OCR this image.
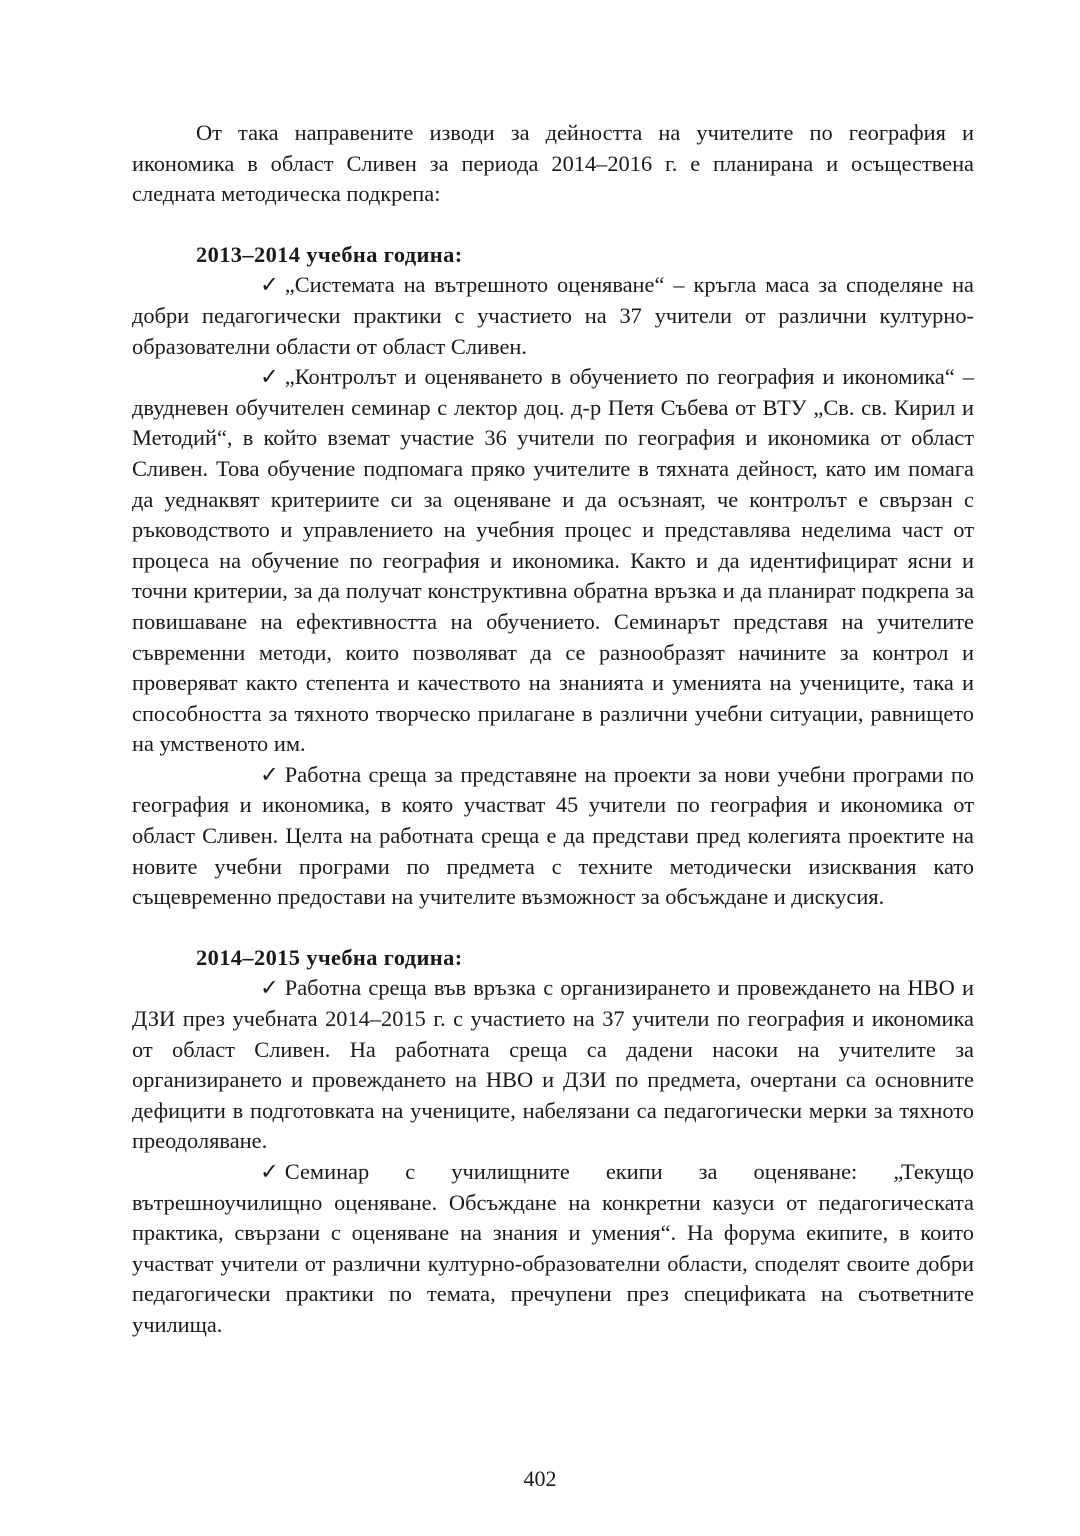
От така направените изводи за дейността на учителите по география и икономика в област Сливен за периода 2014–2016 г. е планирана и осъществена следната методическа подкрепа:

2013–2014 учебна година:

✓ „Системата на вътрешното оценяване“ – кръгла маса за споделяне на добри педагогически практики с участието на 37 учители от различни културно-образователни области от област Сливен.

✓ „Контролът и оценяването в обучението по география и икономика“ – двудневен обучителен семинар с лектор доц. д-р Петя Събева от ВТУ „Св. св. Кирил и Методий“, в който вземат участие 36 учители по география и икономика от област Сливен. Това обучение подпомага пряко учителите в тяхната дейност, като им помага да уеднаквят критериите си за оценяване и да осъзнаят, че контролът е свързан с ръководството и управлението на учебния процес и представлява неделима част от процеса на обучение по география и икономика. Както и да идентифицират ясни и точни критерии, за да получат конструктивна обратна връзка и да планират подкрепа за повишаване на ефективността на обучението. Семинарът представя на учителите съвременни методи, които позволяват да се разнообразят начините за контрол и проверяват както степента и качеството на знанията и уменията на учениците, така и способността за тяхното творческо прилагане в различни учебни ситуации, равнището на умственото им.

✓ Работна среща за представяне на проекти за нови учебни програми по география и икономика, в която участват 45 учители по география и икономика от област Сливен. Целта на работната среща е да представи пред колегията проектите на новите учебни програми по предмета с техните методически изисквания като същевременно предостави на учителите възможност за обсъждане и дискусия.

2014–2015 учебна година:

✓ Работна среща във връзка с организирането и провеждането на НВО и ДЗИ през учебната 2014–2015 г. с участието на 37 учители по география и икономика от област Сливен. На работната среща са дадени насоки на учителите за организирането и провеждането на НВО и ДЗИ по предмета, очертани са основните дефицити в подготовката на учениците, набелязани са педагогически мерки за тяхното преодоляване.

✓ Семинар с училищните екипи за оценяване: „Текущо вътрешноучилищно оценяване. Обсъждане на конкретни казуси от педагогическата практика, свързани с оценяване на знания и умения“. На форума екипите, в които участват учители от различни културно-образователни области, споделят своите добри педагогически практики по темата, пречупени през спецификата на съответните училища.

402
